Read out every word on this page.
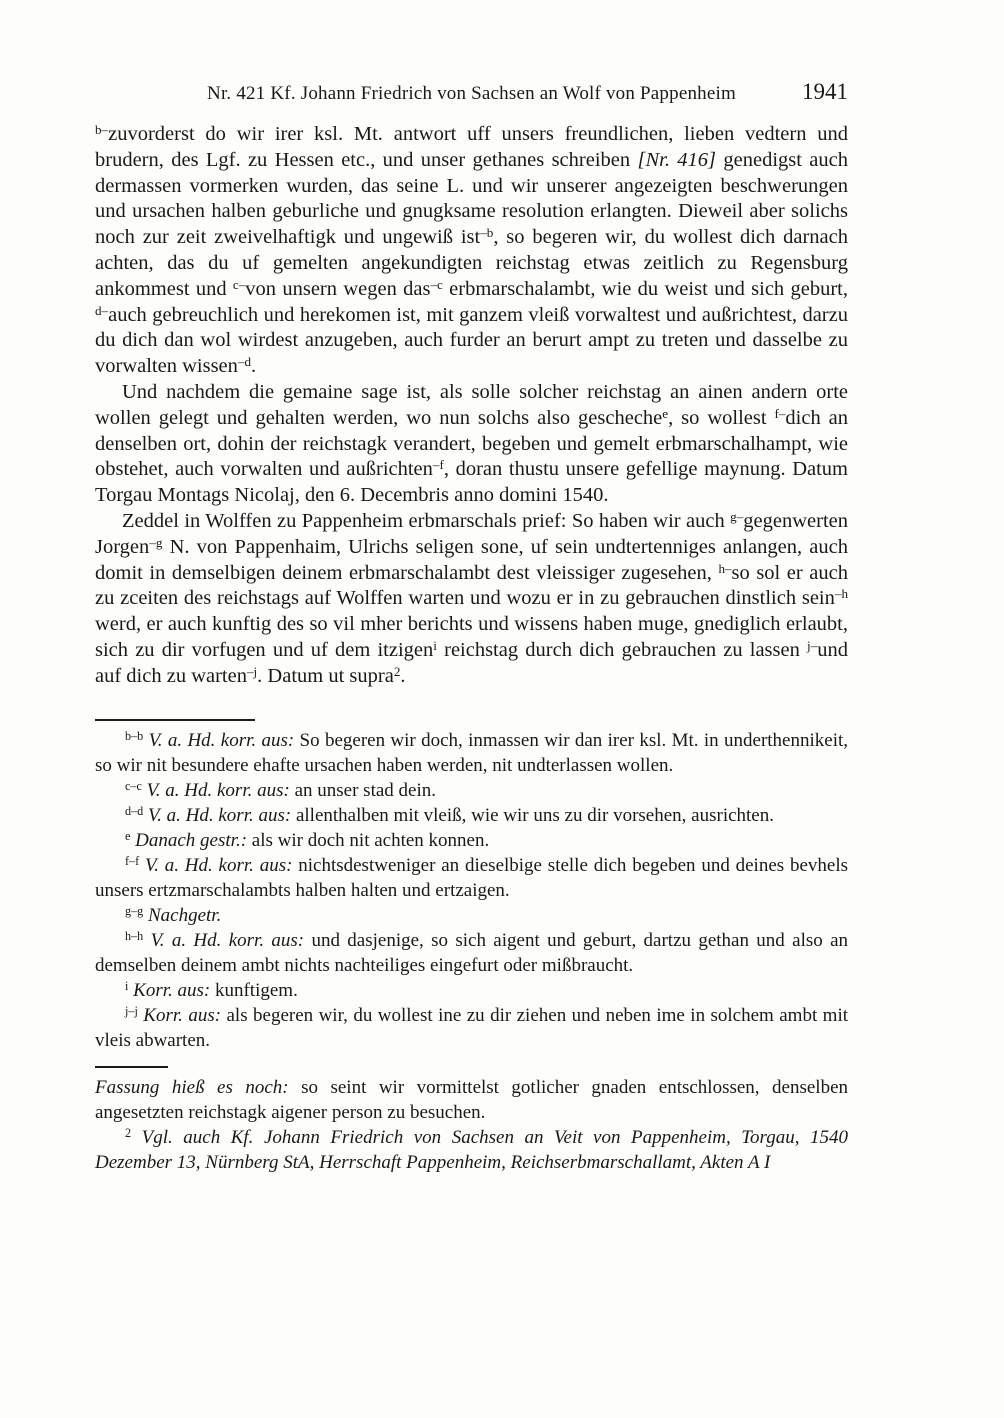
Nr. 421 Kf. Johann Friedrich von Sachsen an Wolf von Pappenheim	1941

$^{b-}$zuvorderst do wir irer ksl. Mt. antwort uff unsers freundlichen, lieben vedtern und brudern, des Lgf. zu Hessen etc., und unser gethanes schreiben [Nr. 416] genedigst auch dermassen vormerken wurden, das seine L. und wir unserer angezeigten beschwerungen und ursachen halben geburliche und gnugksame resolution erlangten. Dieweil aber solichs noch zur zeit zweivelhaftigk und ungewiß ist$^{-b}$, so begeren wir, du wollest dich darnach achten, das du uf gemelten angekundigten reichstag etwas zeitlich zu Regensburg ankommest und $^{c-}$von unsern wegen das$^{-c}$ erbmarschalambt, wie du weist und sich geburt, $^{d-}$auch gebreuchlich und herekomen ist, mit ganzem vleiß vorwaltest und außrichtest, darzu du dich dan wol wirdest anzugeben, auch furder an berurt ampt zu treten und dasselbe zu vorwalten wissen$^{-d}$.

Und nachdem die gemaine sage ist, als solle solcher reichstag an ainen andern orte wollen gelegt und gehalten werden, wo nun solchs also gescheche$^e$, so wollest $^{f-}$dich an denselben ort, dohin der reichstagk verandert, begeben und gemelt erbmarschalhampt, wie obstehet, auch vorwalten und außrichten$^{-f}$, doran thustu unsere gefellige maynung. Datum Torgau Montags Nicolaj, den 6. Decembris anno domini 1540.

Zeddel in Wolffen zu Pappenheim erbmarschals prief: So haben wir auch $^{g-}$gegenwerten Jorgen$^{-g}$ N. von Pappenhaim, Ulrichs seligen sone, uf sein undtertenniges anlangen, auch domit in demselbigen deinem erbmarschalambt dest vleissiger zugesehen, $^{h-}$so sol er auch zu zceiten des reichstags auf Wolffen warten und wozu er in zu gebrauchen dinstlich sein$^{-h}$ werd, er auch kunftig des so vil mher berichts und wissens haben muge, gnediglich erlaubt, sich zu dir vorfugen und uf dem itzigen$^i$ reichstag durch dich gebrauchen zu lassen $^{j-}$und auf dich zu warten$^{-j}$. Datum ut supra$^2$.

$^{b-b}$ V. a. Hd. korr. aus: So begeren wir doch, inmassen wir dan irer ksl. Mt. in underthennikeit, so wir nit besundere ehafte ursachen haben werden, nit undterlassen wollen.

$^{c-c}$ V. a. Hd. korr. aus: an unser stad dein.

$^{d-d}$ V. a. Hd. korr. aus: allenthalben mit vleiß, wie wir uns zu dir vorsehen, ausrichten.

$^e$ Danach gestr.: als wir doch nit achten konnen.

$^{f-f}$ V. a. Hd. korr. aus: nichtsdestweniger an dieselbige stelle dich begeben und deines bevhels unsers ertzmarschalambts halben halten und ertzaigen.

$^{g-g}$ Nachgetr.

$^{h-h}$ V. a. Hd. korr. aus: und dasjenige, so sich aigent und geburt, dartzu gethan und also an demselben deinem ambt nichts nachteiliges eingefurt oder mißbraucht.

$^i$ Korr. aus: kunftigem.

$^{j-j}$ Korr. aus: als begeren wir, du wollest ine zu dir ziehen und neben ime in solchem ambt mit vleis abwarten.

Fassung hieß es noch: so seint wir vormittelst gotlicher gnaden entschlossen, denselben angesetzten reichstagk aigener person zu besuchen.

$^2$ Vgl. auch Kf. Johann Friedrich von Sachsen an Veit von Pappenheim, Torgau, 1540 Dezember 13, Nürnberg StA, Herrschaft Pappenheim, Reichserbmarschallamt, Akten A I
